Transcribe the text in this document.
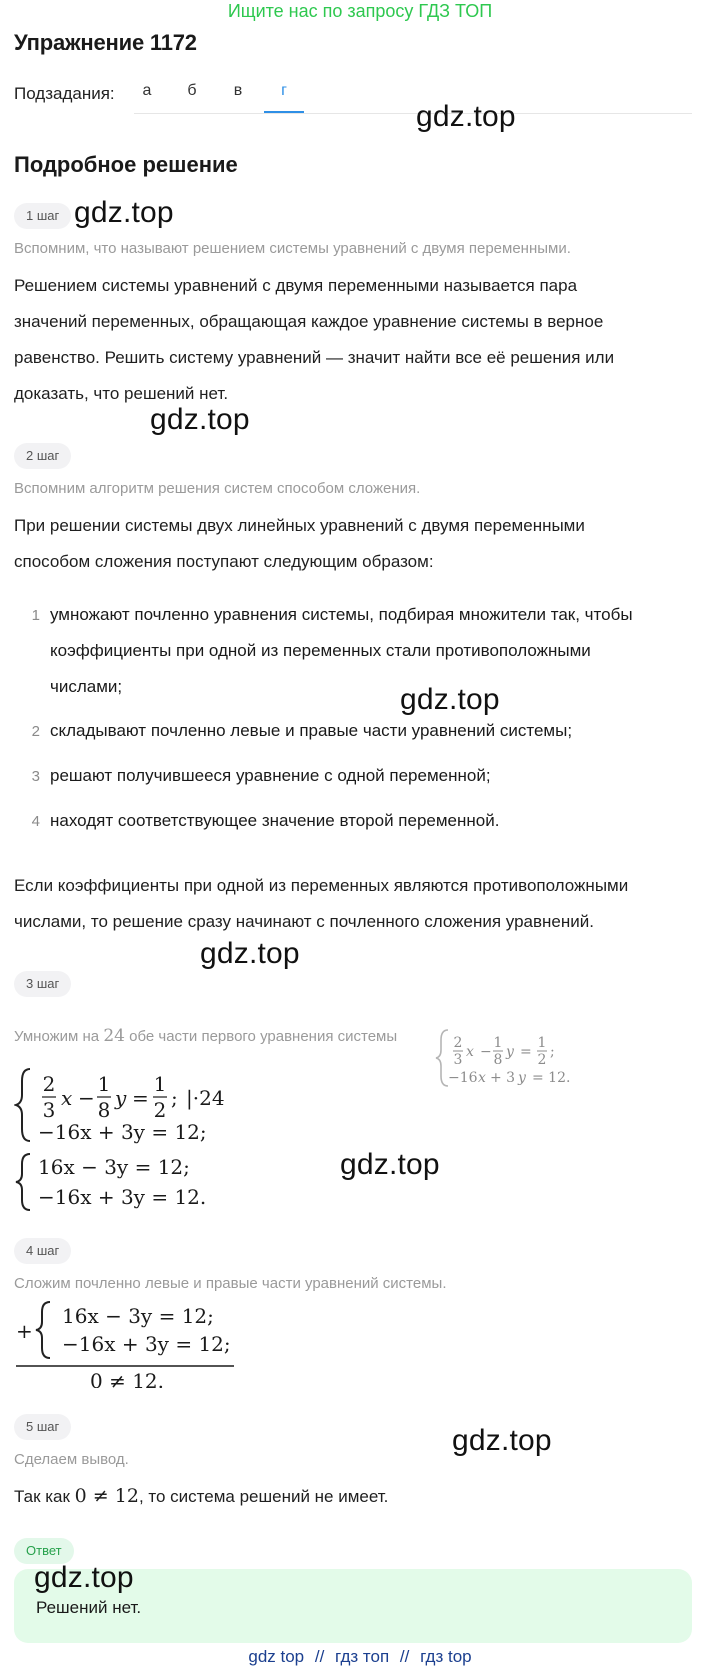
Ищите нас по запросу ГДЗ ТОП
Упражнение 1172
Подзадания:	а	б	в	г
Подробное решение
1 шаг
Вспомним, что называют решением системы уравнений с двумя переменными.
Решением системы уравнений с двумя переменными называется пара
значений переменных, обращающая каждое уравнение системы в верное
равенство. Решить систему уравнений — значит найти все её решения или
доказать, что решений нет.
2 шаг
Вспомним алгоритм решения систем способом сложения.
При решении системы двух линейных уравнений с двумя переменными
способом сложения поступают следующим образом:
1 умножают почленно уравнения системы, подбирая множители так, чтобы
коэффициенты при одной из переменных стали противоположными
числами;
2 складывают почленно левые и правые части уравнений системы;
3 решают получившееся уравнение с одной переменной;
4 находят соответствующее значение второй переменной.
Если коэффициенты при одной из переменных являются противоположными
числами, то решение сразу начинают с почленного сложения уравнений.
3 шаг
Умножим на 24 обе части первого уравнения системы	2
3 x −
1
8 y =
1
2 ;
−16 x + 3 y = 12.
2
3 x −
1
8 y =
1
2 ; |·24
−16x + 3y = 12;
16x − 3y = 12;
−16x + 3y = 12.
4 шаг
Сложим почленно левые и правые части уравнений системы.
+
16x − 3y = 12;
−16x + 3y = 12;
0 ≠ 12.
5 шаг
Сделаем вывод.
Так как 0 ≠ 12, то система решений не имеет.
Ответ
Решений нет.
gdz.top
gdz.top
gdz.top
gdz.top
gdz.top
gdz.top
gdz.top
gdz.top
gdz top // гдз топ // гдз top
